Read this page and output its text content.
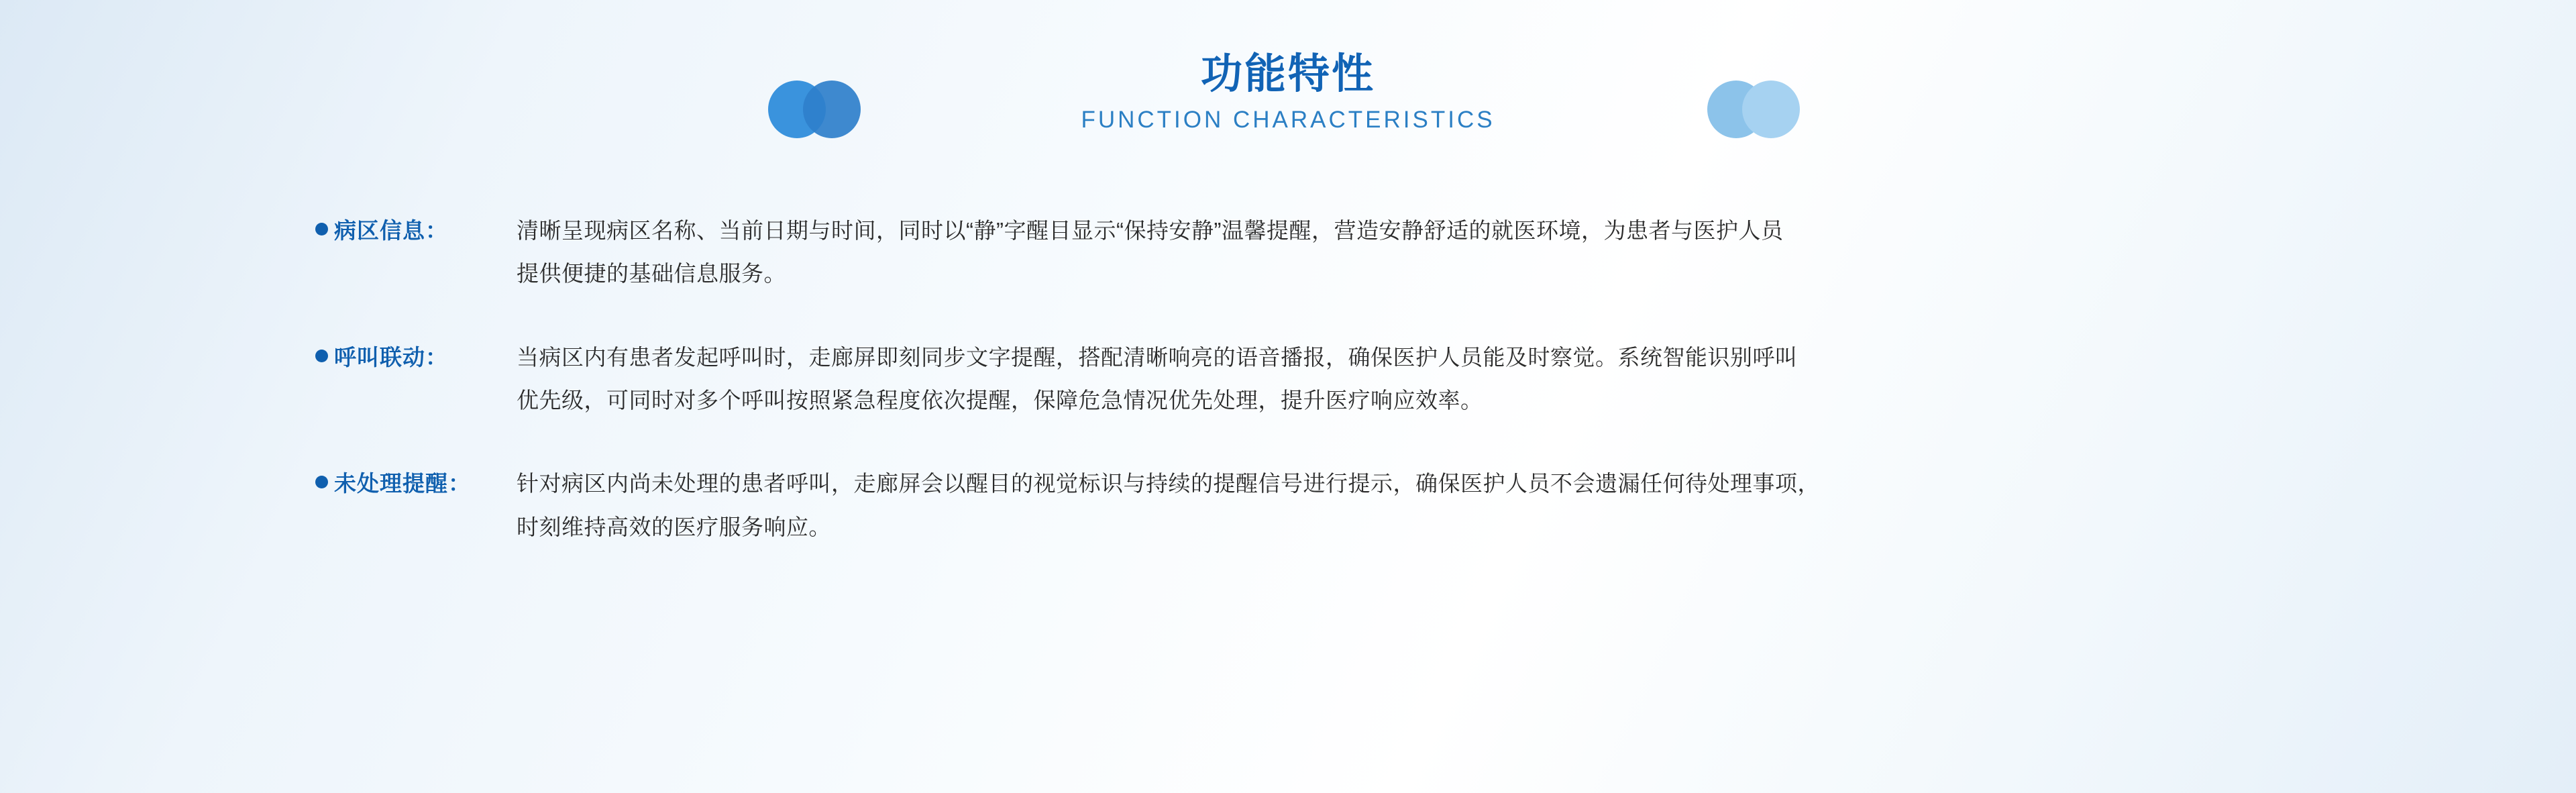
功能特性
FUNCTION CHARACTERISTICS
病区信息：	清晰呈现病区名称、当前日期与时间，同时以“静”字醒目显示“保持安静”温馨提醒，营造安静舒适的就医环境，为患者与医护人员
提供便捷的基础信息服务。
呼叫联动：	当病区内有患者发起呼叫时，走廊屏即刻同步文字提醒，搭配清晰响亮的语音播报，确保医护人员能及时察觉。系统智能识别呼叫
优先级，可同时对多个呼叫按照紧急程度依次提醒，保障危急情况优先处理，提升医疗响应效率。
未处理提醒： 针对病区内尚未处理的患者呼叫，走廊屏会以醒目的视觉标识与持续的提醒信号进行提示，确保医护人员不会遗漏任何待处理事项，
时刻维持高效的医疗服务响应。
